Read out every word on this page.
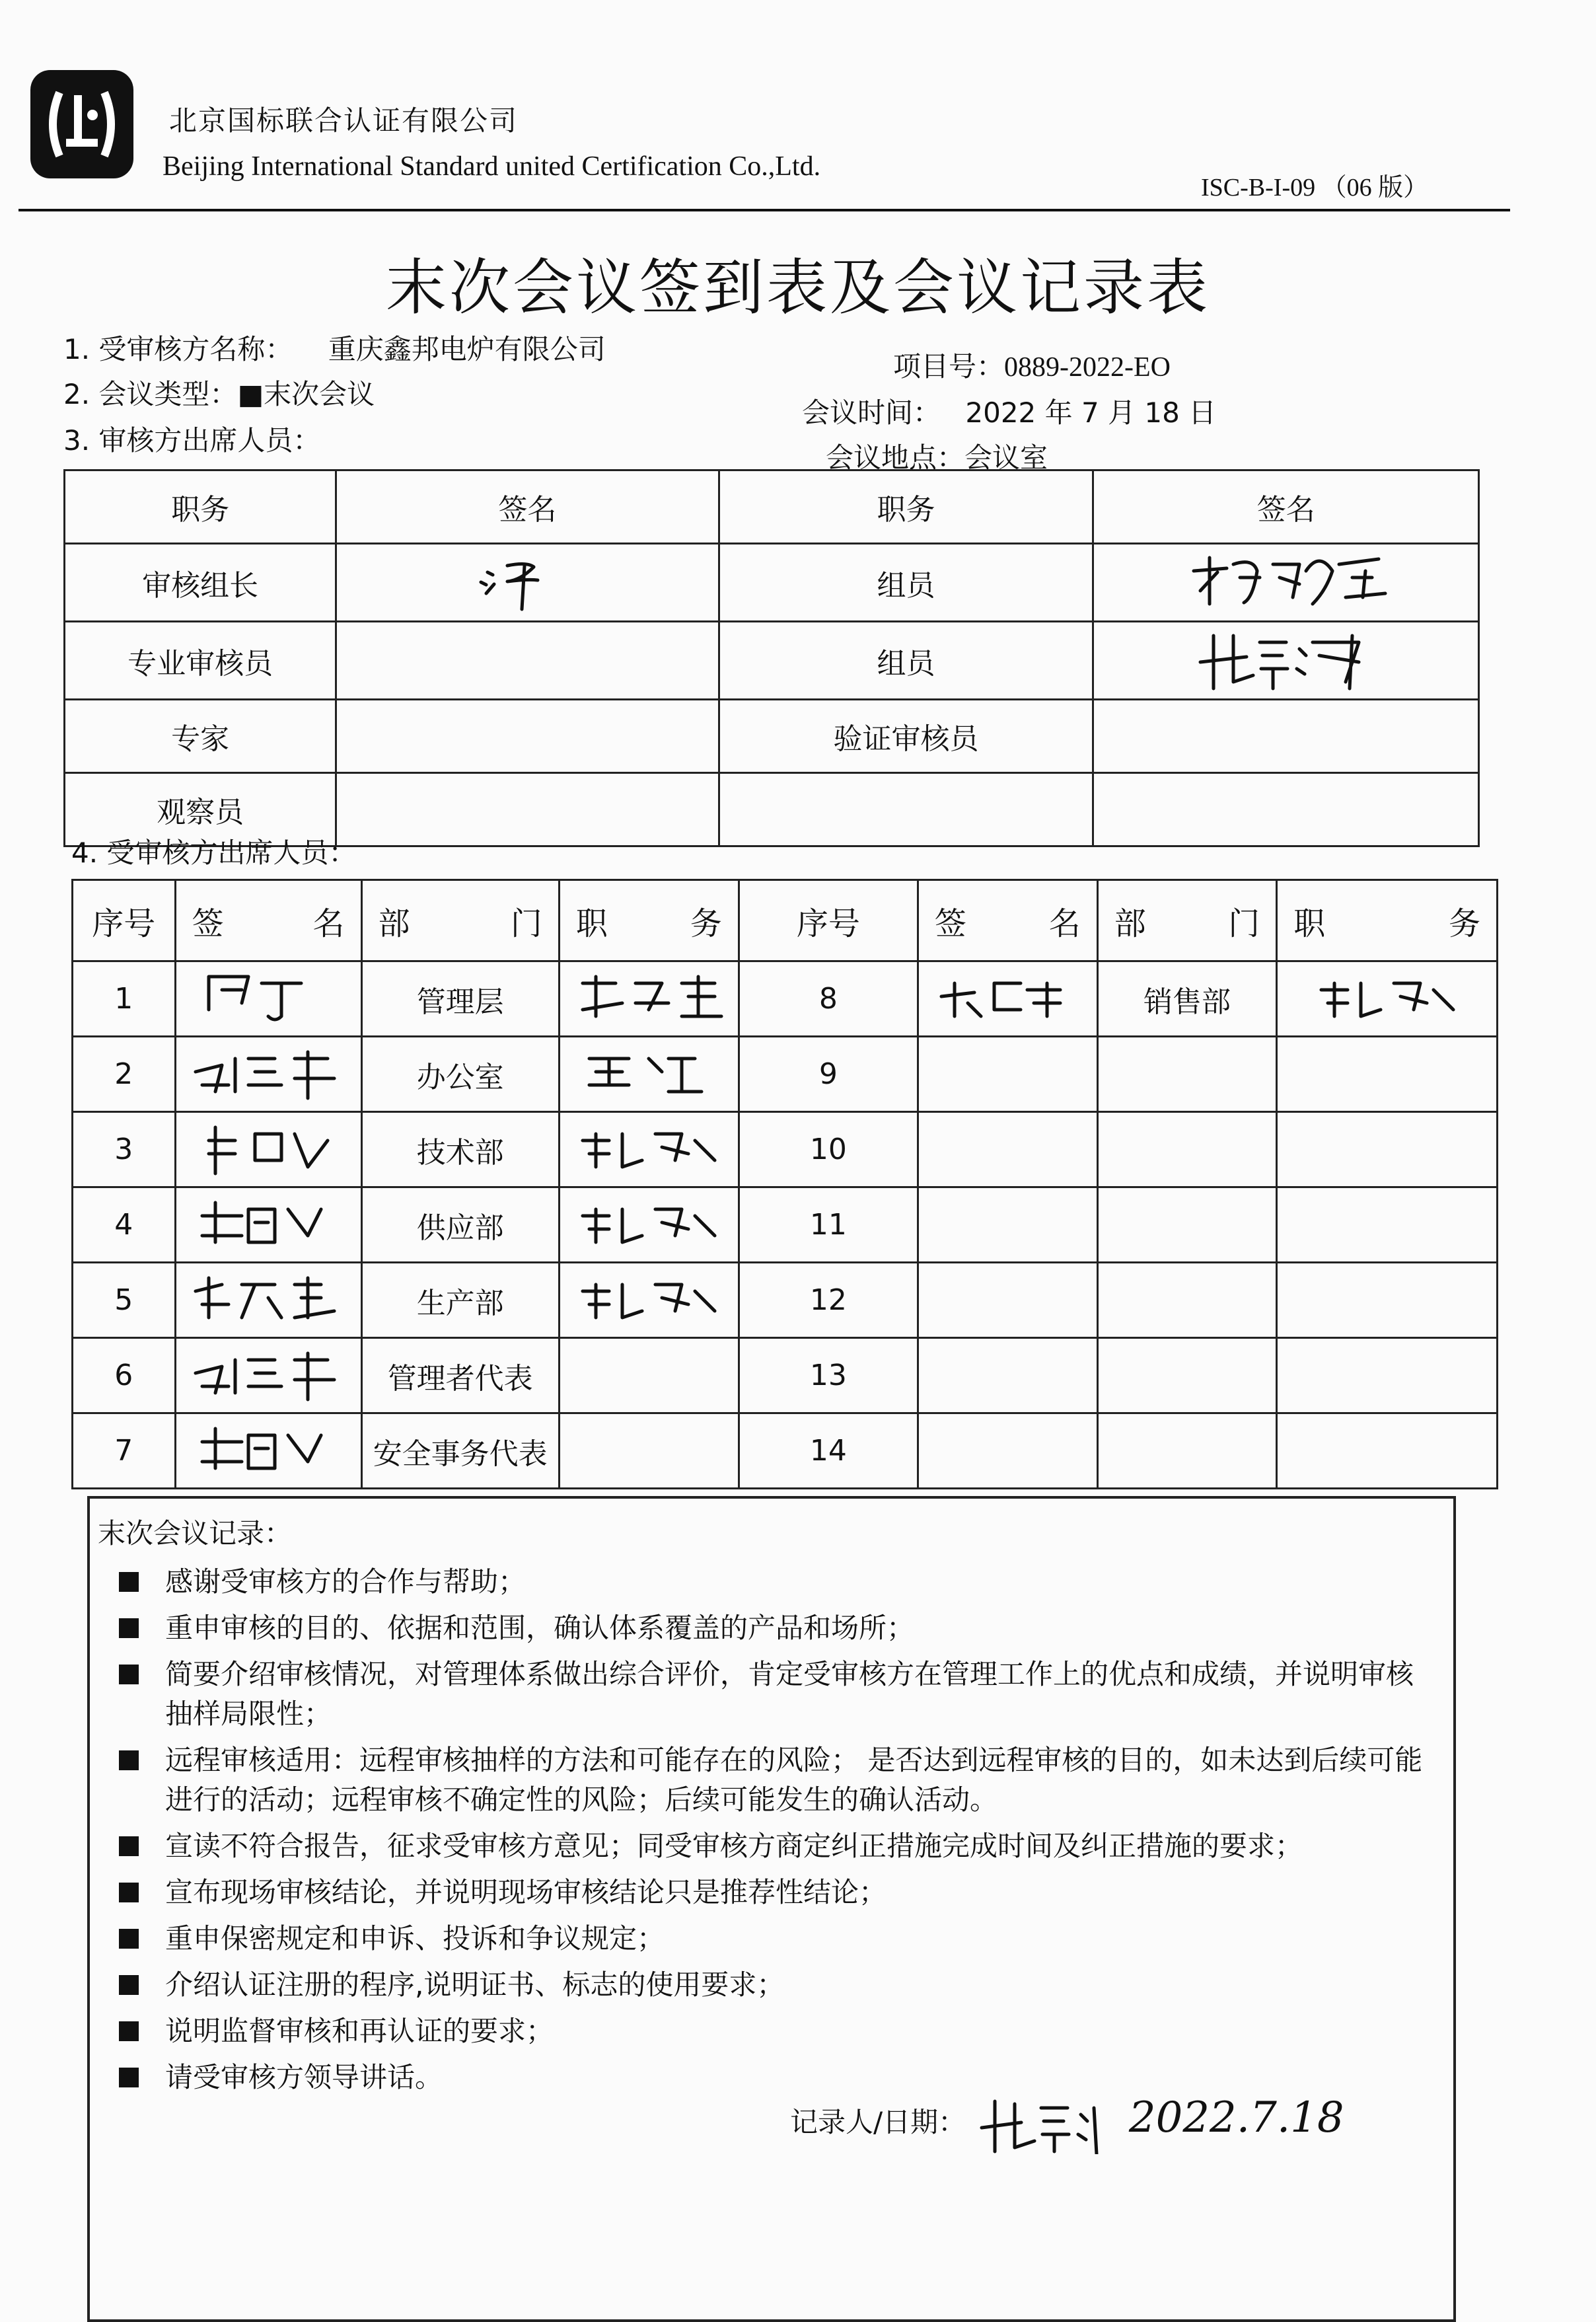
北京国标联合认证有限公司
Beijing International Standard united Certification Co.,Ltd.
ISC-B-I-09 （06 版）
末次会议签到表及会议记录表
1. 受审核方名称： 重庆鑫邦电炉有限公司
项目号：0889-2022-EO
2. 会议类型：■末次会议
会议时间： 2022 年 7 月 18 日
3. 审核方出席人员：
会议地点：会议室
职务	签名	职务	签名
审核组长		组员	
专业审核员		组员	
专家		验证审核员	
观察员			
4. 受审核方出席人员：
序号	签 名	部 门	职 务	序号	签 名	部 门	职 务

1		管理层		8		销售部	
2		办公室		9			
3		技术部		10			
4		供应部		11			
5		生产部		12			
6		管理者代表		13			
7		安全事务代表		14			
末次会议记录：
感谢受审核方的合作与帮助；
重申审核的目的、依据和范围，确认体系覆盖的产品和场所；
简要介绍审核情况，对管理体系做出综合评价，肯定受审核方在管理工作上的优点和成绩，并说明审核抽样局限性；
远程审核适用：远程审核抽样的方法和可能存在的风险； 是否达到远程审核的目的，如未达到后续可能进行的活动；远程审核不确定性的风险；后续可能发生的确认活动。
宣读不符合报告，征求受审核方意见；同受审核方商定纠正措施完成时间及纠正措施的要求；
宣布现场审核结论，并说明现场审核结论只是推荐性结论；
重申保密规定和申诉、投诉和争议规定；
介绍认证注册的程序,说明证书、标志的使用要求；
说明监督审核和再认证的要求；
请受审核方领导讲话。
记录人/日期：	2022.7.18
